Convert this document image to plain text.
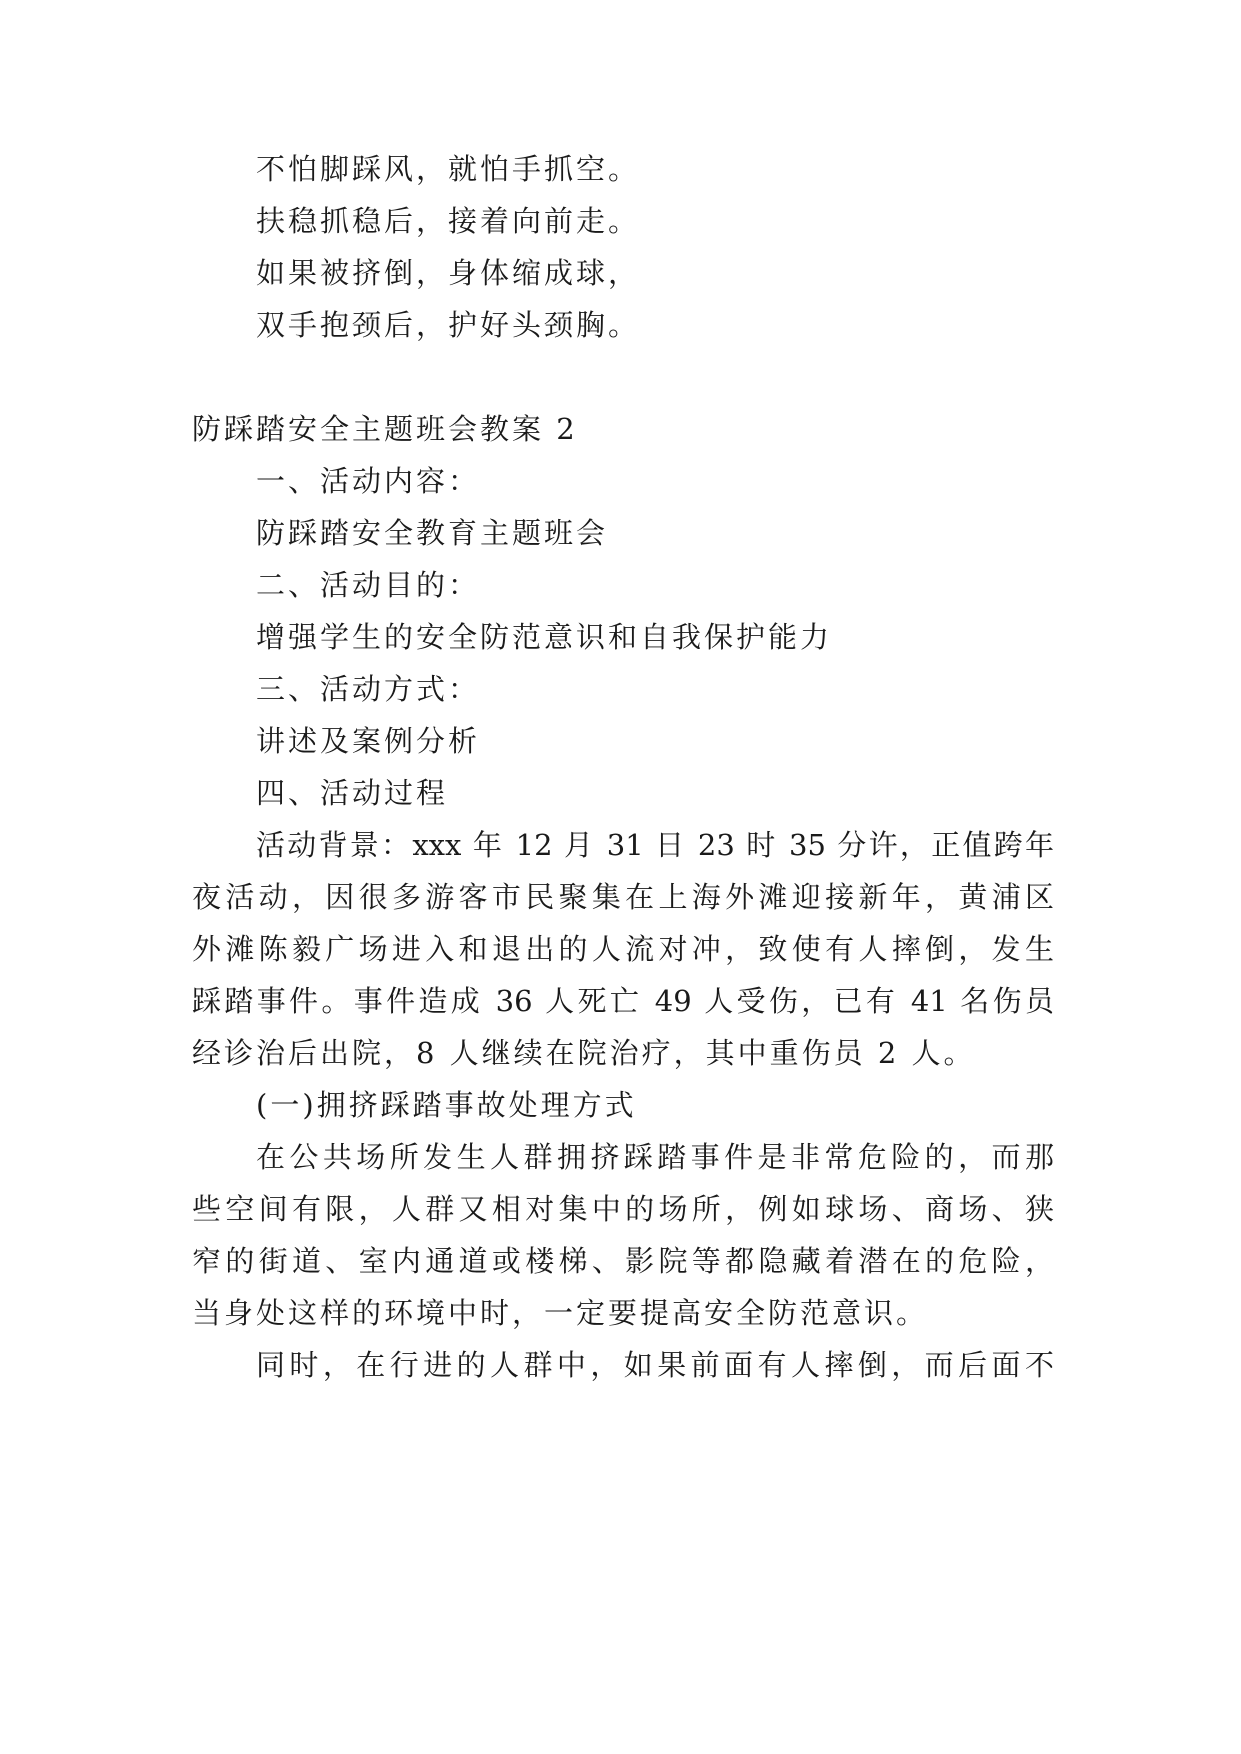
不怕脚踩风，就怕手抓空。
扶稳抓稳后，接着向前走。
如果被挤倒，身体缩成球，
双手抱颈后，护好头颈胸。
防踩踏安全主题班会教案 2
一、活动内容：
防踩踏安全教育主题班会
二、活动目的：
增强学生的安全防范意识和自我保护能力
三、活动方式：
讲述及案例分析
四、活动过程
活动背景：xxx 年 12 月 31 日 23 时 35 分许，正值跨年
夜活动，因很多游客市民聚集在上海外滩迎接新年，黄浦区
外滩陈毅广场进入和退出的人流对冲，致使有人摔倒，发生
踩踏事件。事件造成 36 人死亡 49 人受伤，已有 41 名伤员
经诊治后出院，8 人继续在院治疗，其中重伤员 2 人。
(一)拥挤踩踏事故处理方式
在公共场所发生人群拥挤踩踏事件是非常危险的，而那
些空间有限，人群又相对集中的场所，例如球场、商场、狭
窄的街道、室内通道或楼梯、影院等都隐藏着潜在的危险，
当身处这样的环境中时，一定要提高安全防范意识。
同时，在行进的人群中，如果前面有人摔倒，而后面不
